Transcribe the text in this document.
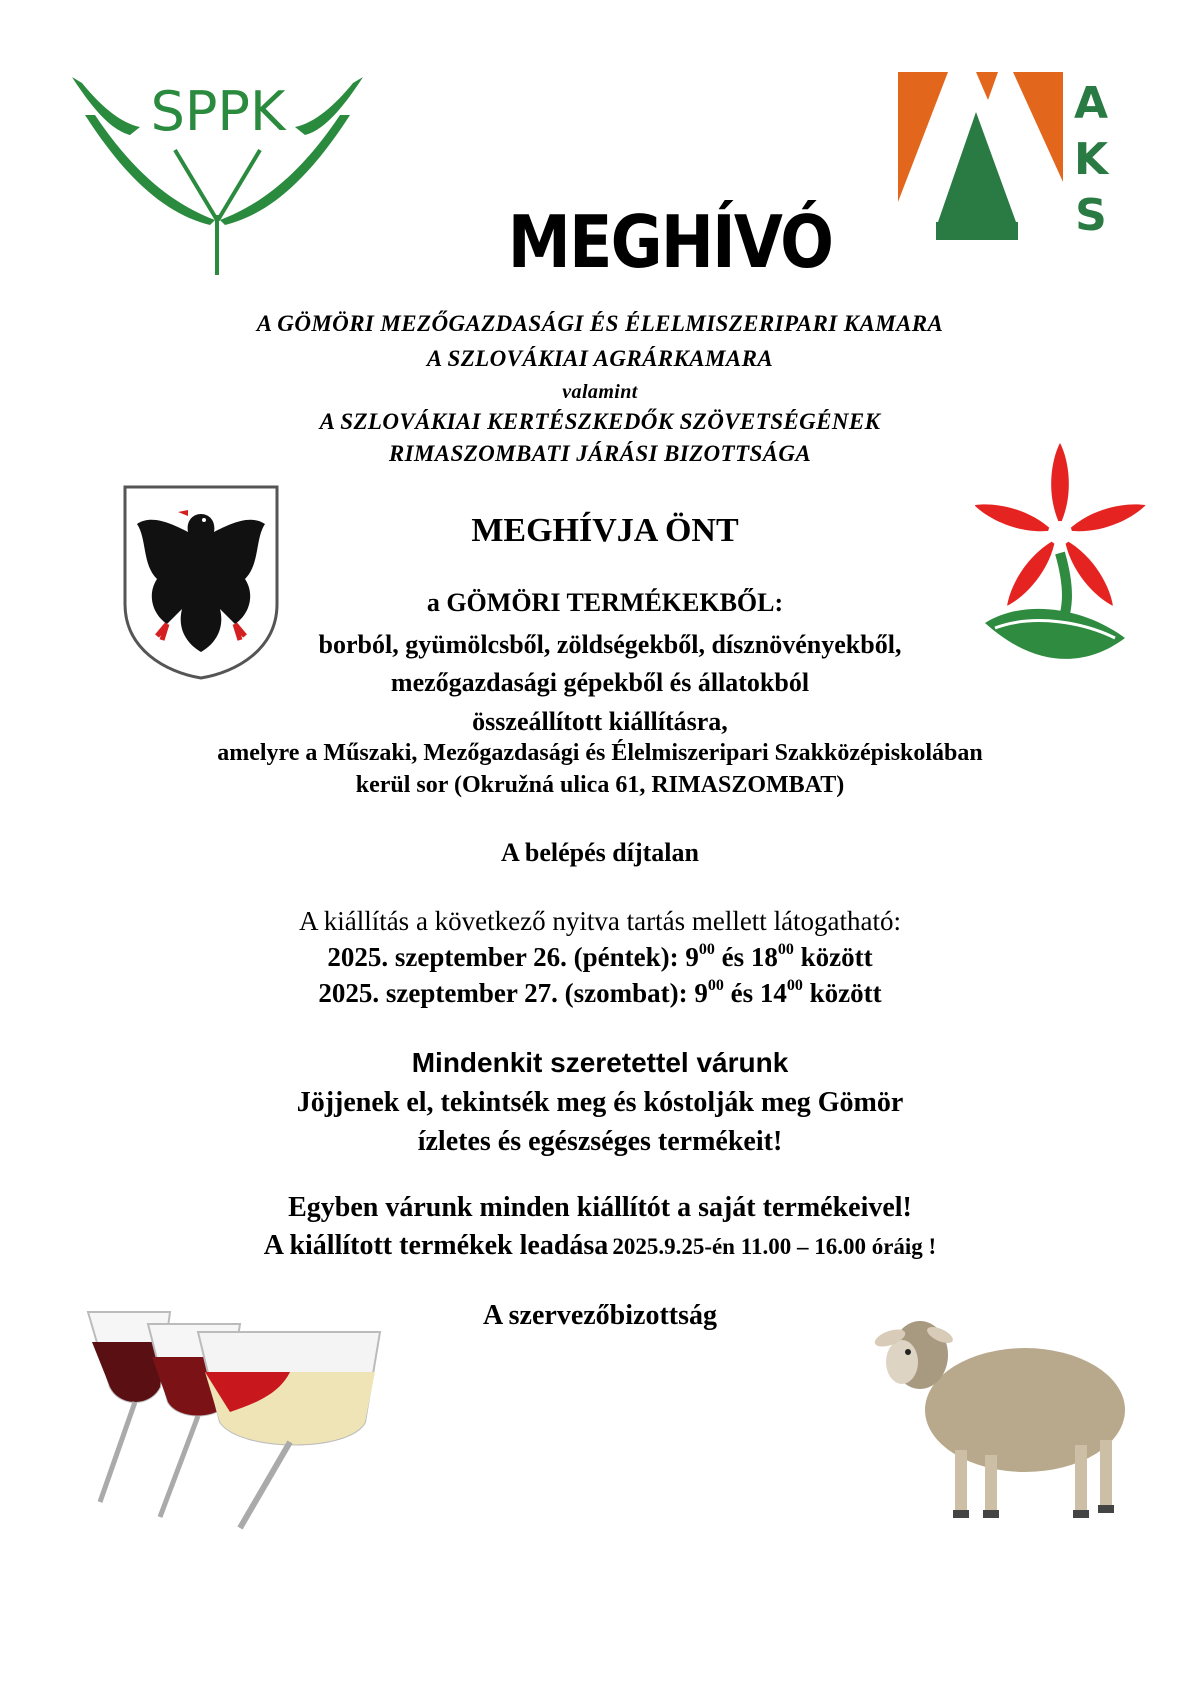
SPPK	A
K
S
MEGHÍVÓ
A GÖMÖRI MEZŐGAZDASÁGI ÉS ÉLELMISZERIPARI KAMARA
A SZLOVÁKIAI AGRÁRKAMARA
valamint
A SZLOVÁKIAI KERTÉSZKEDŐK SZÖVETSÉGÉNEK
RIMASZOMBATI JÁRÁSI BIZOTTSÁGA
MEGHÍVJA ÖNT
a GÖMÖRI TERMÉKEKBŐL:
borból, gyümölcsből, zöldségekből, dísznövényekből,
mezőgazdasági gépekből és állatokból
összeállított kiállításra,
amelyre a Műszaki, Mezőgazdasági és Élelmiszeripari Szakközépiskolában
kerül sor (Okružná ulica 61, RIMASZOMBAT)
A belépés díjtalan
A kiállítás a következő nyitva tartás mellett látogatható:
2025. szeptember 26. (péntek): $9^{00}$ és $18^{00}$ között
2025. szeptember 27. (szombat): $9^{00}$ és $14^{00}$ között
Mindenkit szeretettel várunk
Jöjjenek el, tekintsék meg és kóstolják meg Gömör
ízletes és egészséges termékeit!
Egyben várunk minden kiállítót a saját termékeivel!
A kiállított termékek leadása 2025.9.25-én 11.00 – 16.00 óráig !
A szervezőbizottság
